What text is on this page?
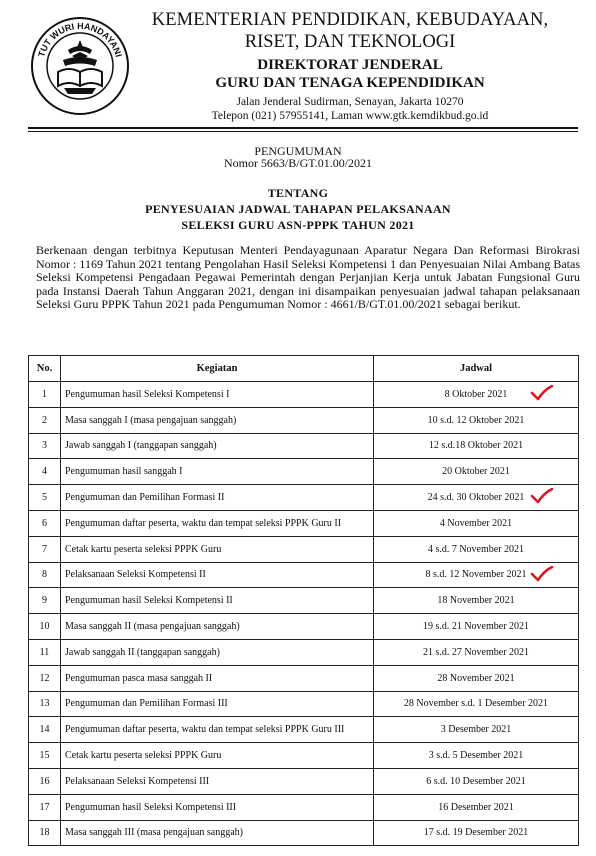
TUT WURI HANDAYANI
KEMENTERIAN PENDIDIKAN, KEBUDAYAAN,
RISET, DAN TEKNOLOGI
DIREKTORAT JENDERAL
GURU DAN TENAGA KEPENDIDIKAN
Jalan Jenderal Sudirman, Senayan, Jakarta 10270
Telepon (021) 57955141, Laman www.gtk.kemdikbud.go.id
PENGUMUMAN
Nomor 5663/B/GT.01.00/2021
TENTANG
PENYESUAIAN JADWAL TAHAPAN PELAKSANAAN
SELEKSI GURU ASN-PPPK TAHUN 2021
Berkenaan dengan terbitnya Keputusan Menteri Pendayagunaan Aparatur Negara Dan Reformasi Birokrasi Nomor : 1169 Tahun 2021 tentang Pengolahan Hasil Seleksi Kompetensi 1 dan Penyesuaian Nilai Ambang Batas Seleksi Kompetensi Pengadaan Pegawai Pemerintah dengan Perjanjian Kerja untuk Jabatan Fungsional Guru pada Instansi Daerah Tahun Anggaran 2021, dengan ini disampaikan penyesuaian jadwal tahapan pelaksanaan Seleksi Guru PPPK Tahun 2021 pada Pengumuman Nomor : 4661/B/GT.01.00/2021 sebagai berikut.
No.	Kegiatan	Jadwal
1	Pengumuman hasil Seleksi Kompetensi I	8 Oktober 2021

2	Masa sanggah I (masa pengajuan sanggah)	10 s.d. 12 Oktober 2021
3	Jawab sanggah I (tanggapan sanggah)	12 s.d.18 Oktober 2021
4	Pengumuman hasil sanggah I	20 Oktober 2021
5	Pengumuman dan Pemilihan Formasi II	24 s.d. 30 Oktober 2021

6	Pengumuman daftar peserta, waktu dan tempat seleksi PPPK Guru II	4 November 2021
7	Cetak kartu peserta seleksi PPPK Guru	4 s.d. 7 November 2021
8	Pelaksanaan Seleksi Kompetensi II	8 s.d. 12 November 2021

9	Pengumuman hasil Seleksi Kompetensi II	18 November 2021
10	Masa sanggah II (masa pengajuan sanggah)	19 s.d. 21 November 2021
11	Jawab sanggah II (tanggapan sanggah)	21 s.d. 27 November 2021
12	Pengumuman pasca masa sanggah II	28 November 2021
13	Pengumuman dan Pemilihan Formasi III	28 November s.d. 1 Desember 2021
14	Pengumuman daftar peserta, waktu dan tempat seleksi PPPK Guru III	3 Desember 2021
15	Cetak kartu peserta seleksi PPPK Guru	3 s.d. 5 Desember 2021
16	Pelaksanaan Seleksi Kompetensi III	6 s.d. 10 Desember 2021
17	Pengumuman hasil Seleksi Kompetensi III	16 Desember 2021
18	Masa sanggah III (masa pengajuan sanggah)	17 s.d. 19 Desember 2021
